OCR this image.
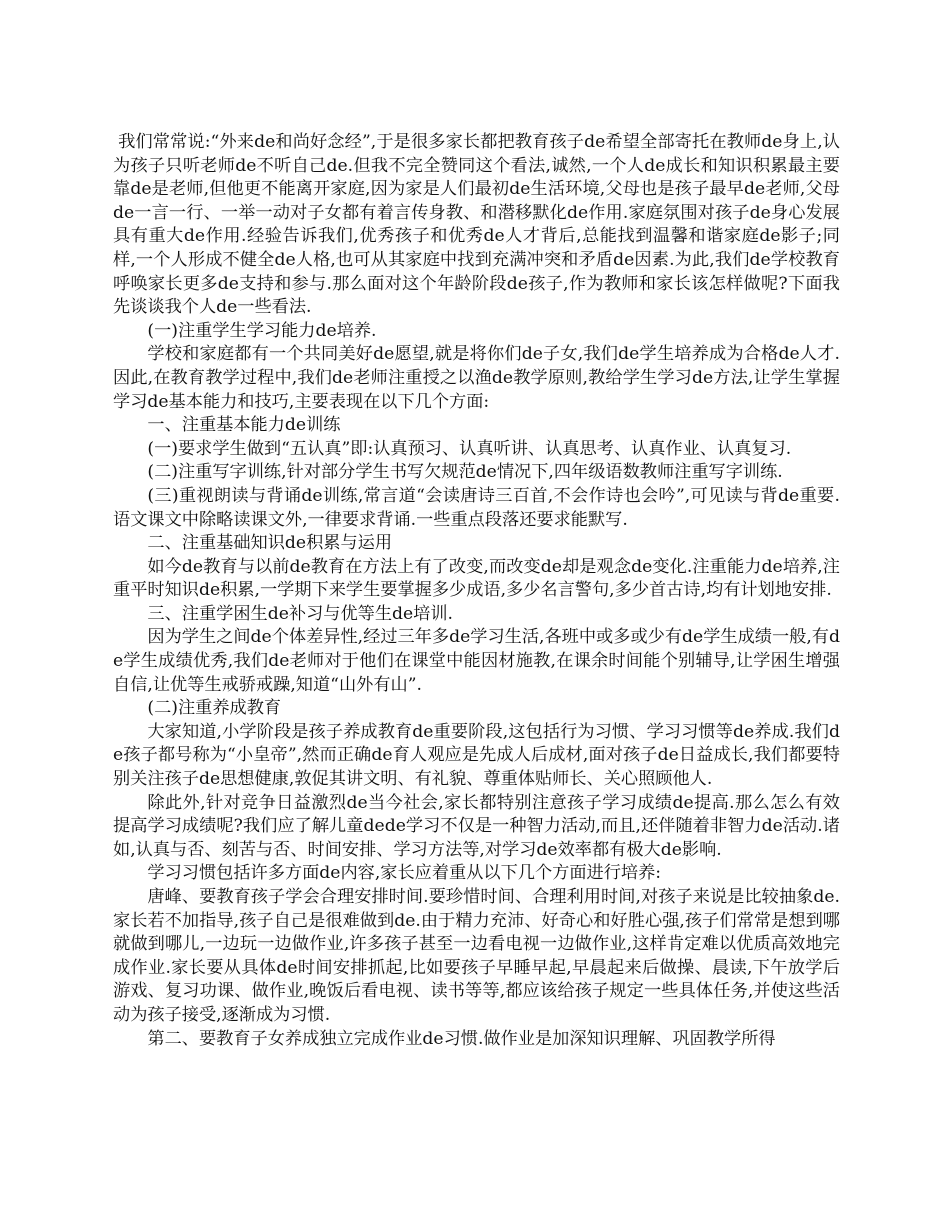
我们常常说:“外来de和尚好念经”,于是很多家长都把教育孩子de希望全部寄托在教师de身上,认为孩子只听老师de不听自己de.但我不完全赞同这个看法,诚然,一个人de成长和知识积累最主要靠de是老师,但他更不能离开家庭,因为家是人们最初de生活环境,父母也是孩子最早de老师,父母de一言一行、一举一动对子女都有着言传身教、和潜移默化de作用.家庭氛围对孩子de身心发展具有重大de作用.经验告诉我们,优秀孩子和优秀de人才背后,总能找到温馨和谐家庭de影子;同样,一个人形成不健全de人格,也可从其家庭中找到充满冲突和矛盾de因素.为此,我们de学校教育呼唤家长更多de支持和参与.那么面对这个年龄阶段de孩子,作为教师和家长该怎样做呢?下面我先谈谈我个人de一些看法.

(一)注重学生学习能力de培养.

学校和家庭都有一个共同美好de愿望,就是将你们de子女,我们de学生培养成为合格de人才.因此,在教育教学过程中,我们de老师注重授之以渔de教学原则,教给学生学习de方法,让学生掌握学习de基本能力和技巧,主要表现在以下几个方面:

一、注重基本能力de训练

(一)要求学生做到“五认真”即:认真预习、认真听讲、认真思考、认真作业、认真复习.

(二)注重写字训练,针对部分学生书写欠规范de情况下,四年级语数教师注重写字训练.

(三)重视朗读与背诵de训练,常言道“会读唐诗三百首,不会作诗也会吟”,可见读与背de重要.语文课文中除略读课文外,一律要求背诵.一些重点段落还要求能默写.

二、注重基础知识de积累与运用

如今de教育与以前de教育在方法上有了改变,而改变de却是观念de变化.注重能力de培养,注重平时知识de积累,一学期下来学生要掌握多少成语,多少名言警句,多少首古诗,均有计划地安排.

三、注重学困生de补习与优等生de培训.

因为学生之间de个体差异性,经过三年多de学习生活,各班中或多或少有de学生成绩一般,有de学生成绩优秀,我们de老师对于他们在课堂中能因材施教,在课余时间能个别辅导,让学困生增强自信,让优等生戒骄戒躁,知道“山外有山”.

(二)注重养成教育

大家知道,小学阶段是孩子养成教育de重要阶段,这包括行为习惯、学习习惯等de养成.我们de孩子都号称为“小皇帝”,然而正确de育人观应是先成人后成材,面对孩子de日益成长,我们都要特别关注孩子de思想健康,敦促其讲文明、有礼貌、尊重体贴师长、关心照顾他人.

除此外,针对竞争日益激烈de当今社会,家长都特别注意孩子学习成绩de提高.那么怎么有效提高学习成绩呢?我们应了解儿童dede学习不仅是一种智力活动,而且,还伴随着非智力de活动.诸如,认真与否、刻苦与否、时间安排、学习方法等,对学习de效率都有极大de影响.

学习习惯包括许多方面de内容,家长应着重从以下几个方面进行培养:

唐峰、要教育孩子学会合理安排时间.要珍惜时间、合理利用时间,对孩子来说是比较抽象de.家长若不加指导,孩子自己是很难做到de.由于精力充沛、好奇心和好胜心强,孩子们常常是想到哪就做到哪儿,一边玩一边做作业,许多孩子甚至一边看电视一边做作业,这样肯定难以优质高效地完成作业.家长要从具体de时间安排抓起,比如要孩子早睡早起,早晨起来后做操、晨读,下午放学后游戏、复习功课、做作业,晚饭后看电视、读书等等,都应该给孩子规定一些具体任务,并使这些活动为孩子接受,逐渐成为习惯.

第二、要教育子女养成独立完成作业de习惯.做作业是加深知识理解、巩固教学所得
